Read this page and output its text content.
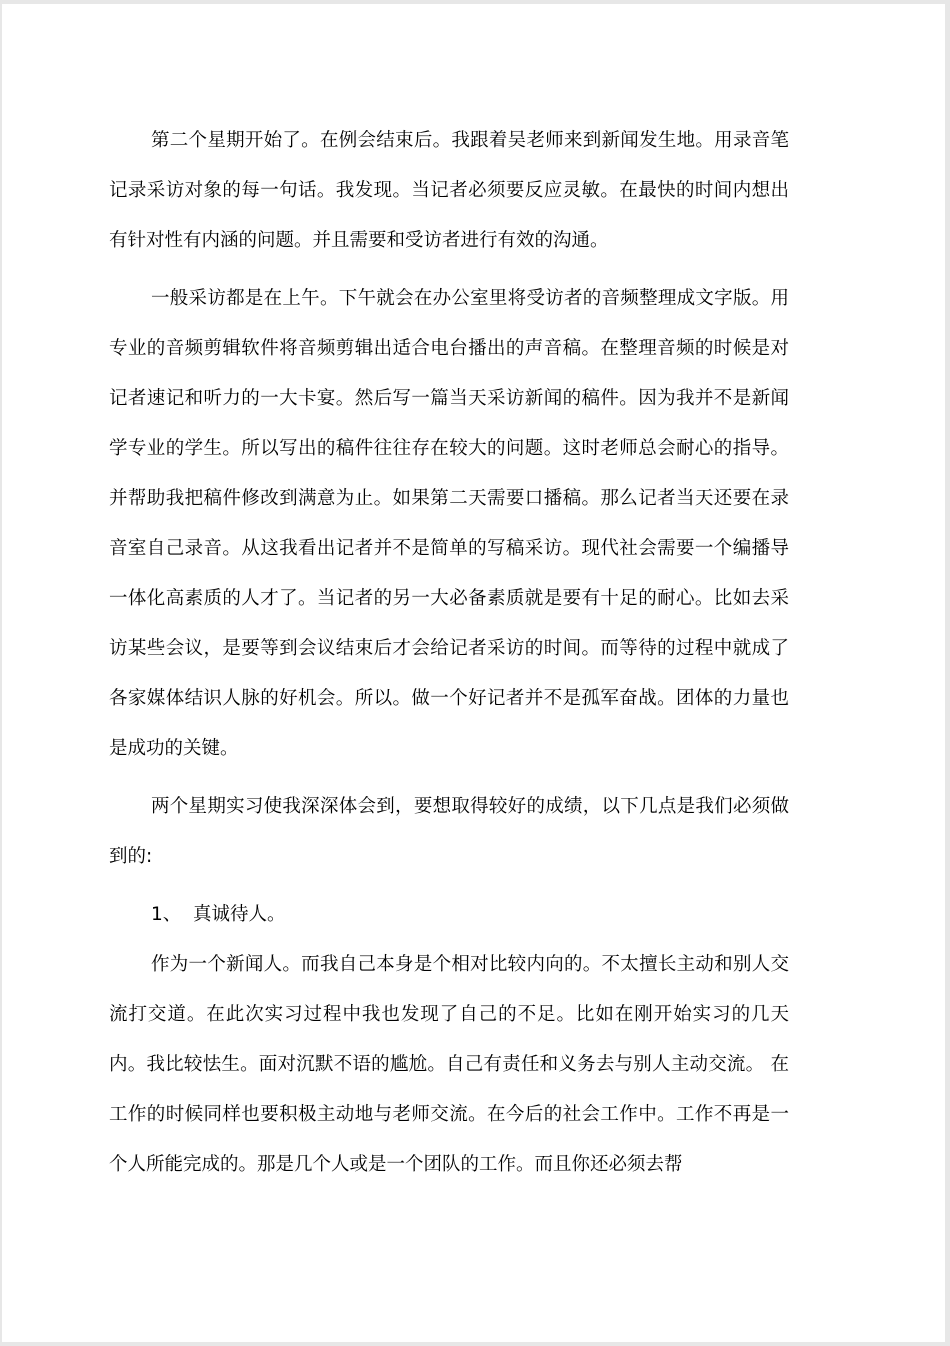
第二个星期开始了。在例会结束后。我跟着吴老师来到新闻发生地。用录音笔记录采访对象的每一句话。我发现。当记者必须要反应灵敏。在最快的时间内想出有针对性有内涵的问题。并且需要和受访者进行有效的沟通。

一般采访都是在上午。下午就会在办公室里将受访者的音频整理成文字版。用专业的音频剪辑软件将音频剪辑出适合电台播出的声音稿。在整理音频的时候是对记者速记和听力的一大卡宴。然后写一篇当天采访新闻的稿件。因为我并不是新闻学专业的学生。所以写出的稿件往往存在较大的问题。这时老师总会耐心的指导。并帮助我把稿件修改到满意为止。如果第二天需要口播稿。那么记者当天还要在录音室自己录音。从这我看出记者并不是简单的写稿采访。现代社会需要一个编播导一体化高素质的人才了。当记者的另一大必备素质就是要有十足的耐心。比如去采访某些会议，是要等到会议结束后才会给记者采访的时间。而等待的过程中就成了各家媒体结识人脉的好机会。所以。做一个好记者并不是孤军奋战。团体的力量也是成功的关键。

两个星期实习使我深深体会到，要想取得较好的成绩，以下几点是我们必须做到的:

1、 真诚待人。

作为一个新闻人。而我自己本身是个相对比较内向的。不太擅长主动和别人交流打交道。在此次实习过程中我也发现了自己的不足。比如在刚开始实习的几天内。我比较怯生。面对沉默不语的尴尬。自己有责任和义务去与别人主动交流。 在工作的时候同样也要积极主动地与老师交流。在今后的社会工作中。工作不再是一个人所能完成的。那是几个人或是一个团队的工作。而且你还必须去帮
